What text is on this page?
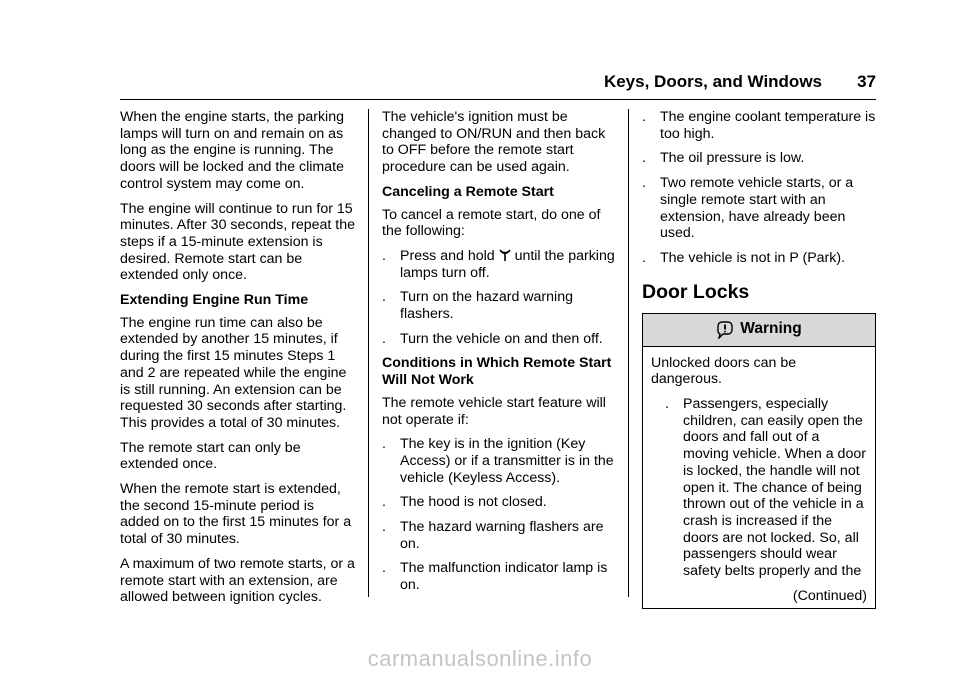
Keys, Doors, and Windows 37

When the engine starts, the parking lamps will turn on and remain on as long as the engine is running. The doors will be locked and the climate control system may come on.

The engine will continue to run for 15 minutes. After 30 seconds, repeat the steps if a 15-minute extension is desired. Remote start can be extended only once.

Extending Engine Run Time

The engine run time can also be extended by another 15 minutes, if during the first 15 minutes Steps 1 and 2 are repeated while the engine is still running. An extension can be requested 30 seconds after starting. This provides a total of 30 minutes.

The remote start can only be extended once.

When the remote start is extended, the second 15-minute period is added on to the first 15 minutes for a total of 30 minutes.

A maximum of two remote starts, or a remote start with an extension, are allowed between ignition cycles.

The vehicle's ignition must be changed to ON/RUN and then back to OFF before the remote start procedure can be used again.

Canceling a Remote Start

To cancel a remote start, do one of the following:

. Press and hold until the parking lamps turn off.
. Turn on the hazard warning flashers.
. Turn the vehicle on and then off.

Conditions in Which Remote Start Will Not Work

The remote vehicle start feature will not operate if:

. The key is in the ignition (Key Access) or if a transmitter is in the vehicle (Keyless Access).
. The hood is not closed.
. The hazard warning flashers are on.
. The malfunction indicator lamp is on.
. The engine coolant temperature is too high.
. The oil pressure is low.
. Two remote vehicle starts, or a single remote start with an extension, have already been used.
. The vehicle is not in P (Park).
Door Locks
Warning
Unlocked doors can be dangerous.
. Passengers, especially children, can easily open the doors and fall out of a moving vehicle. When a door is locked, the handle will not open it. The chance of being thrown out of the vehicle in a crash is increased if the doors are not locked. So, all passengers should wear safety belts properly and the
(Continued)
carmanualsonline.info
